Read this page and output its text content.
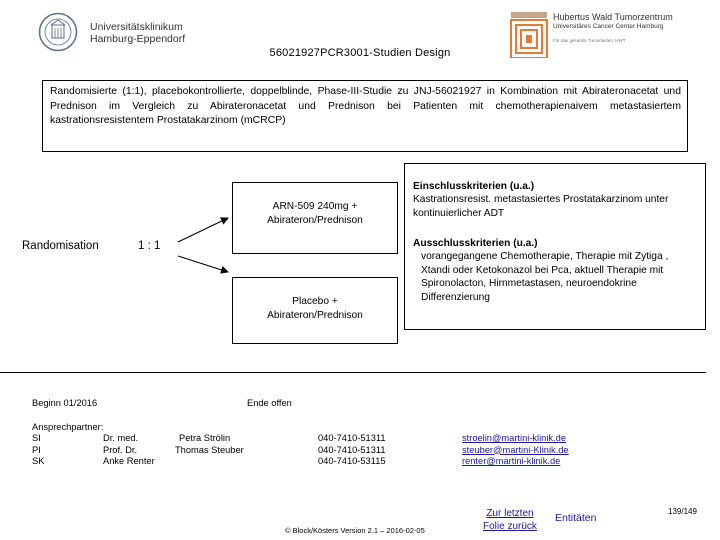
Universitätsklinikum
Hamburg-Eppendorf
Hubertus Wald Tumorzentrum
Universitäres Cancer Center Hamburg
Für das gesamte Tumorleiden: HWT
56021927PCR3001-Studien Design
Randomisierte (1:1), placebokontrollierte, doppelblinde, Phase-III-Studie zu JNJ-56021927 in Kombination mit Abirateronacetat und Prednison im Vergleich zu Abirateronacetat und Prednison bei Patienten mit chemotherapienaivem metastasiertem kastrationsresistentem Prostatakarzinom (mCRCP)
Randomisation	1 : 1
ARN-509 240mg +
Abirateron/Prednison
Placebo +
Abirateron/Prednison
Einschlusskriterien (u.a.)
Kastrationsresist. metastasiertes Prostatakarzinom unter kontinuierlicher ADT
Ausschlusskriterien (u.a.)
vorangegangene Chemotherapie, Therapie mit Zytiga , Xtandi oder Ketokonazol bei Pca, aktuell Therapie mit Spironolacton, Hirnmetastasen, neuroendokrine Differenzierung
Beginn 01/2016	Ende offen
Ansprechpartner:
SI
PI
SK
Dr. med.
Prof. Dr.
Anke Renter
Petra Strölin
Thomas Steuber
040-7410-51311
040-7410-51311
040-7410-53115
stroelin@martini-klinik.de
steuber@martini-Klinik.de
renter@martini-klinik.de
© Block/Kösters Version 2.1 – 2016-02-05
Zur letzten
Folie zurück
Entitäten
139/149
